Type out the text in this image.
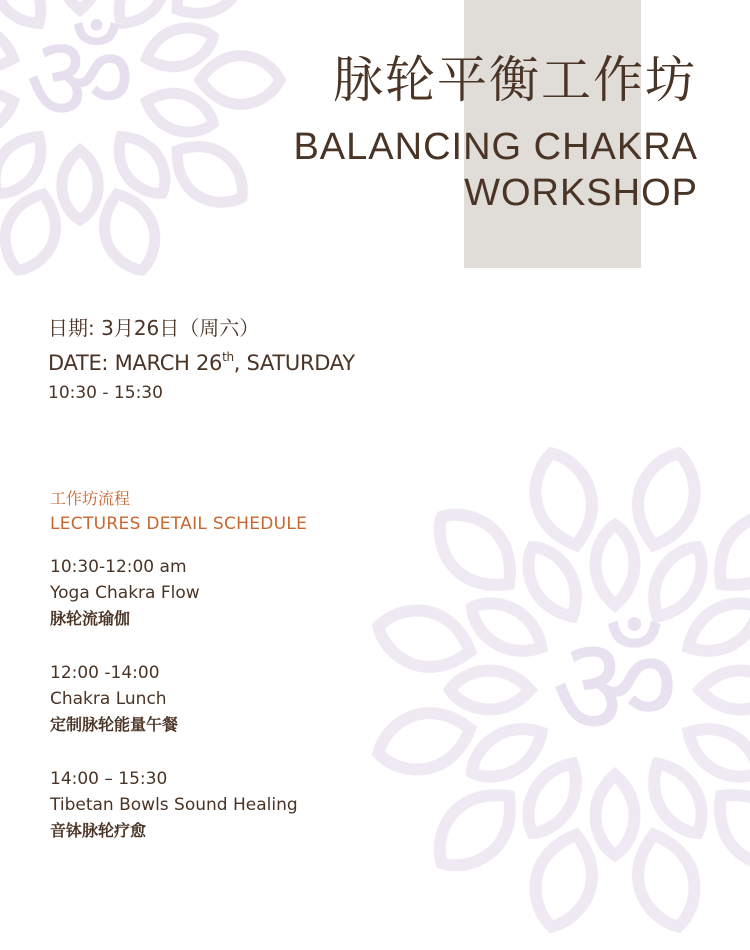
ॐ
ॐ
脉轮平衡工作坊
BALANCING CHAKRA
WORKSHOP
日期: 3月26日（周六）
DATE: MARCH 26th, SATURDAY
10:30 - 15:30
工作坊流程
LECTURES DETAIL SCHEDULE
10:30-12:00 am
Yoga Chakra Flow
脉轮流瑜伽
12:00 -14:00
Chakra Lunch
定制脉轮能量午餐
14:00 – 15:30
Tibetan Bowls Sound Healing
音钵脉轮疗愈
